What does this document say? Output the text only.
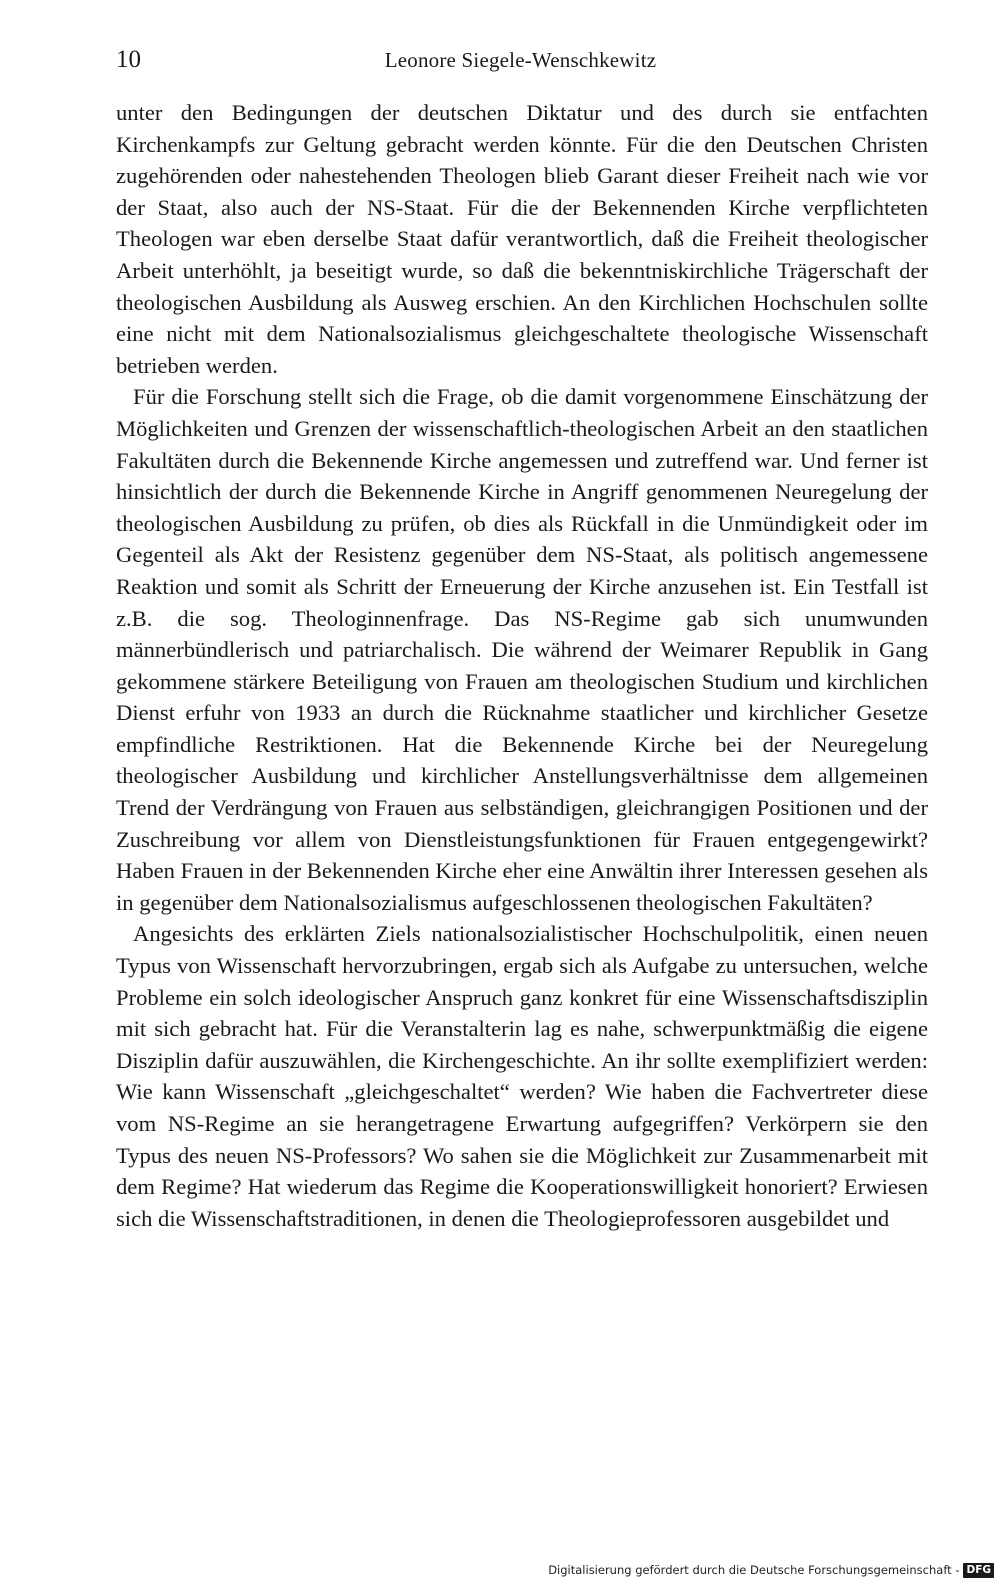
10	Leonore Siegele-Wenschkewitz

unter den Bedingungen der deutschen Diktatur und des durch sie entfachten Kirchenkampfs zur Geltung gebracht werden könnte. Für die den Deutschen Christen zugehörenden oder nahestehenden Theologen blieb Garant dieser Freiheit nach wie vor der Staat, also auch der NS-Staat. Für die der Bekennenden Kirche verpflichteten Theologen war eben derselbe Staat dafür verantwortlich, daß die Freiheit theologischer Arbeit unterhöhlt, ja beseitigt wurde, so daß die bekenntniskirchliche Trägerschaft der theologischen Ausbildung als Ausweg erschien. An den Kirchlichen Hochschulen sollte eine nicht mit dem Nationalsozialismus gleichgeschaltete theologische Wissenschaft betrieben werden.

Für die Forschung stellt sich die Frage, ob die damit vorgenommene Einschätzung der Möglichkeiten und Grenzen der wissenschaftlich-theologischen Arbeit an den staatlichen Fakultäten durch die Bekennende Kirche angemessen und zutreffend war. Und ferner ist hinsichtlich der durch die Bekennende Kirche in Angriff genommenen Neuregelung der theologischen Ausbildung zu prüfen, ob dies als Rückfall in die Unmündigkeit oder im Gegenteil als Akt der Resistenz gegenüber dem NS-Staat, als politisch angemessene Reaktion und somit als Schritt der Erneuerung der Kirche anzusehen ist. Ein Testfall ist z.B. die sog. Theologinnenfrage. Das NS-Regime gab sich unumwunden männerbündlerisch und patriarchalisch. Die während der Weimarer Republik in Gang gekommene stärkere Beteiligung von Frauen am theologischen Studium und kirchlichen Dienst erfuhr von 1933 an durch die Rücknahme staatlicher und kirchlicher Gesetze empfindliche Restriktionen. Hat die Bekennende Kirche bei der Neuregelung theologischer Ausbildung und kirchlicher Anstellungsverhältnisse dem allgemeinen Trend der Verdrängung von Frauen aus selbständigen, gleichrangigen Positionen und der Zuschreibung vor allem von Dienstleistungsfunktionen für Frauen entgegengewirkt? Haben Frauen in der Bekennenden Kirche eher eine Anwältin ihrer Interessen gesehen als in gegenüber dem Nationalsozialismus aufgeschlossenen theologischen Fakultäten?

Angesichts des erklärten Ziels nationalsozialistischer Hochschulpolitik, einen neuen Typus von Wissenschaft hervorzubringen, ergab sich als Aufgabe zu untersuchen, welche Probleme ein solch ideologischer Anspruch ganz konkret für eine Wissenschaftsdisziplin mit sich gebracht hat. Für die Veranstalterin lag es nahe, schwerpunktmäßig die eigene Disziplin dafür auszuwählen, die Kirchengeschichte. An ihr sollte exemplifiziert werden: Wie kann Wissenschaft „gleichgeschaltet“ werden? Wie haben die Fachvertreter diese vom NS-Regime an sie herangetragene Erwartung aufgegriffen? Verkörpern sie den Typus des neuen NS-Professors? Wo sahen sie die Möglichkeit zur Zusammenarbeit mit dem Regime? Hat wiederum das Regime die Kooperationswilligkeit honoriert? Erwiesen sich die Wissenschaftstraditionen, in denen die Theologieprofessoren ausgebildet und

Digitalisierung gefördert durch die Deutsche Forschungsgemeinschaft - DFG
